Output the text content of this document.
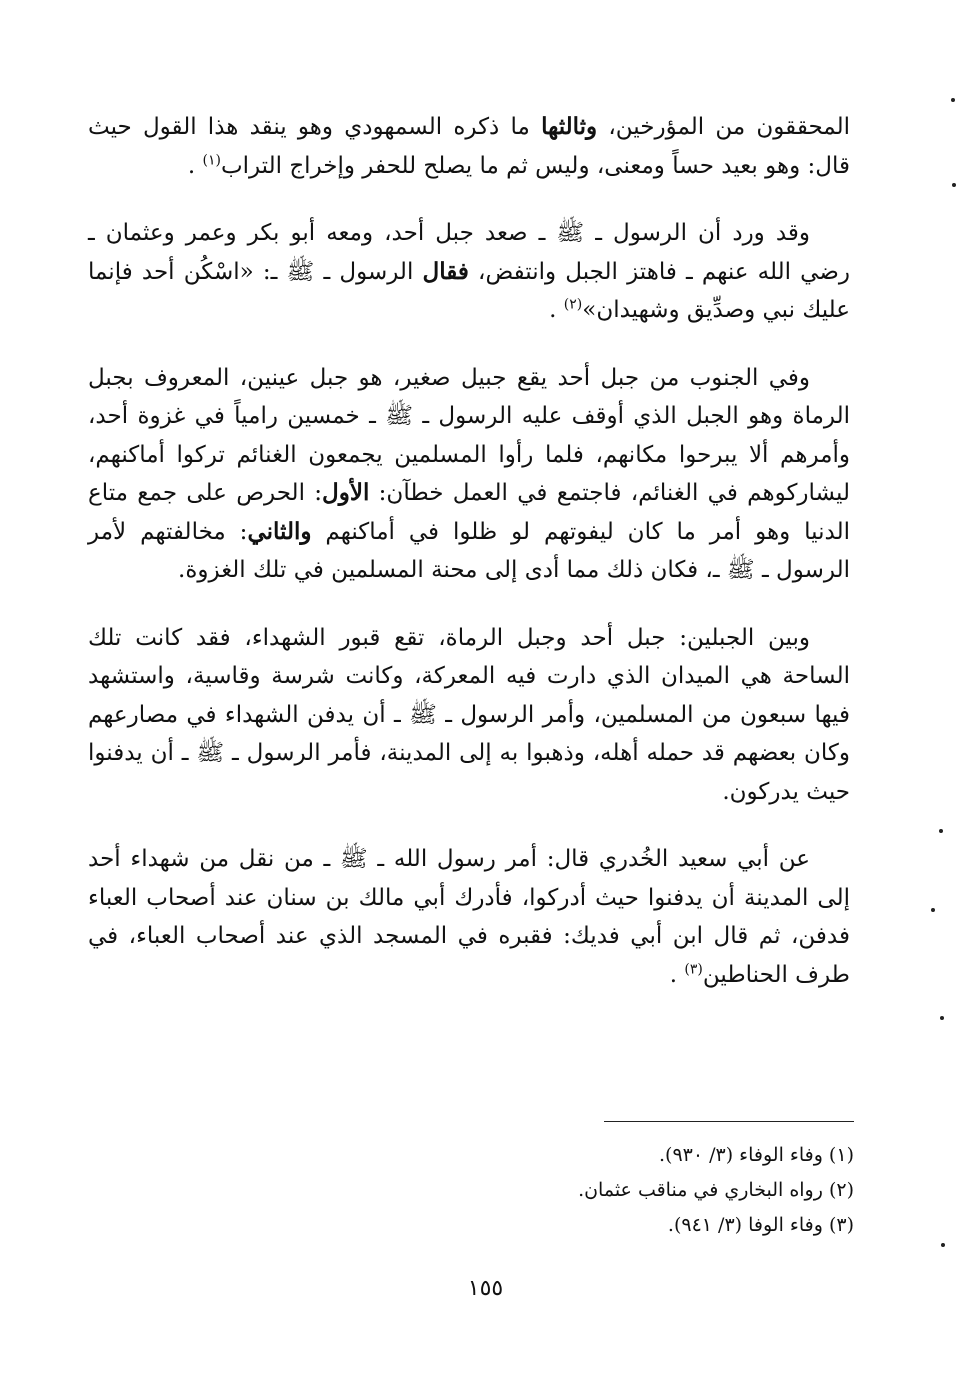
المحققون من المؤرخين، وثالثها ما ذكره السمهودي وهو ينقد هذا القول حيث قال: وهو بعيد حساً ومعنى، وليس ثم ما يصلح للحفر وإخراج التراب$^{(١)}$ .

وقد ورد أن الرسول ـ ﷺ ـ صعد جبل أحد، ومعه أبو بكر وعمر وعثمان ـ رضي الله عنهم ـ فاهتز الجبل وانتفض، فقال الرسول ـ ﷺ ـ: «اسْكُن أحد فإنما عليك نبي وصدِّيق وشهيدان»$^{(٢)}$ .

وفي الجنوب من جبل أحد يقع جبيل صغير، هو جبل عينين، المعروف بجبل الرماة وهو الجبل الذي أوقف عليه الرسول ـ ﷺ ـ خمسين رامياً في غزوة أحد، وأمرهم ألا يبرحوا مكانهم، فلما رأوا المسلمين يجمعون الغنائم تركوا أماكنهم، ليشاركوهم في الغنائم، فاجتمع في العمل خطآن: الأول: الحرص على جمع متاع الدنيا وهو أمر ما كان ليفوتهم لو ظلوا في أماكنهم والثاني: مخالفتهم لأمر الرسول ـ ﷺ ـ، فكان ذلك مما أدى إلى محنة المسلمين في تلك الغزوة.

وبين الجبلين: جبل أحد وجبل الرماة، تقع قبور الشهداء، فقد كانت تلك الساحة هي الميدان الذي دارت فيه المعركة، وكانت شرسة وقاسية، واستشهد فيها سبعون من المسلمين، وأمر الرسول ـ ﷺ ـ أن يدفن الشهداء في مصارعهم وكان بعضهم قد حمله أهله، وذهبوا به إلى المدينة، فأمر الرسول ـ ﷺ ـ أن يدفنوا حيث يدركون.

عن أبي سعيد الخُدري قال: أمر رسول الله ـ ﷺ ـ من نقل من شهداء أحد إلى المدينة أن يدفنوا حيث أدركوا، فأدرك أبي مالك بن سنان عند أصحاب العباء فدفن، ثم قال ابن أبي فديك: فقبره في المسجد الذي عند أصحاب العباء، في طرف الحناطين$^{(٣)}$ .

(١) وفاء الوفاء (٣/ ٩٣٠).
(٢) رواه البخاري في مناقب عثمان.
(٣) وفاء الوفا (٣/ ٩٤١).
١٥٥
